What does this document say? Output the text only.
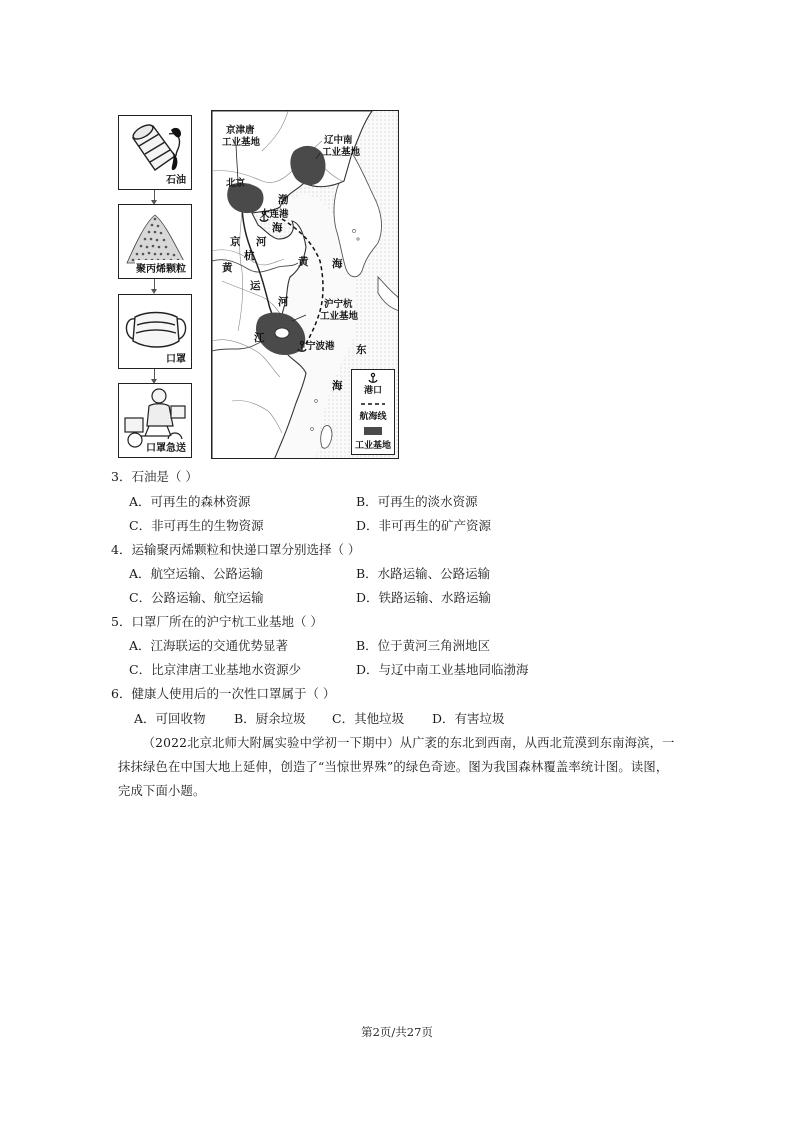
石油
聚丙烯颗粒
口罩
口罩急送
京津唐
工业基地	辽中南
工业基地
北京
渤
大连港
海
京 河
杭
黄	黄 海
运
河	沪宁杭
工业基地
江
宁波港 东
海	港口
航海线
工业基地
3．石油是（ ）
A．可再生的森林资源	B．可再生的淡水资源
C．非可再生的生物资源	D．非可再生的矿产资源
4．运输聚丙烯颗粒和快递口罩分别选择（ ）
A．航空运输、公路运输	B．水路运输、公路运输
C．公路运输、航空运输	D．铁路运输、水路运输
5．口罩厂所在的沪宁杭工业基地（ ）
A．江海联运的交通优势显著	B．位于黄河三角洲地区
C．比京津唐工业基地水资源少	D．与辽中南工业基地同临渤海
6．健康人使用后的一次性口罩属于（ ）
A．可回收物 B．厨余垃圾 C．其他垃圾 D．有害垃圾
（2022北京北师大附属实验中学初一下期中）从广袤的东北到西南，从西北荒漠到东南海滨，一抹抹绿色在中国大地上延伸，创造了“当惊世界殊”的绿色奇迹。图为我国森林覆盖率统计图。读图，完成下面小题。
第2页/共27页
